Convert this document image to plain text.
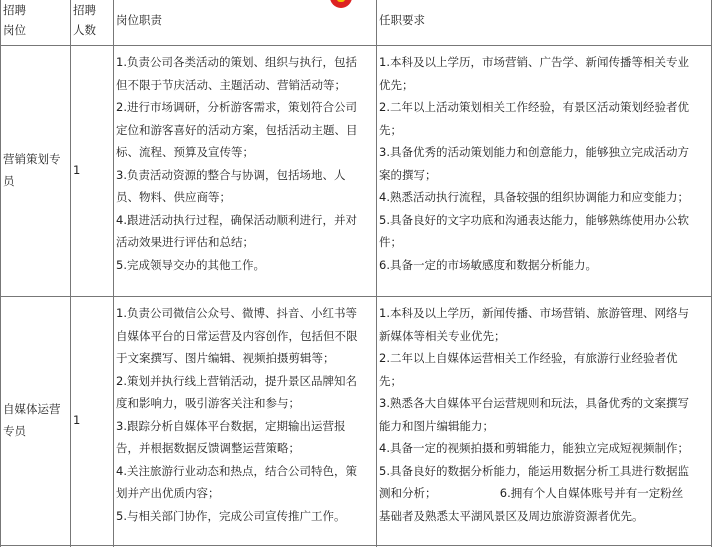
招聘
岗位
招聘
人数
岗位职责	任职要求
营销策划专员
1
1.负责公司各类活动的策划、组织与执行，包括
但不限于节庆活动、主题活动、营销活动等；
2.进行市场调研，分析游客需求，策划符合公司
定位和游客喜好的活动方案，包括活动主题、目
标、流程、预算及宣传等；
3.负责活动资源的整合与协调，包括场地、人
员、物料、供应商等；
4.跟进活动执行过程，确保活动顺利进行，并对
活动效果进行评估和总结；
5.完成领导交办的其他工作。
1.本科及以上学历，市场营销、广告学、新闻传播等相关专业
优先；
2.二年以上活动策划相关工作经验，有景区活动策划经验者优
先；
3.具备优秀的活动策划能力和创意能力，能够独立完成活动方
案的撰写；
4.熟悉活动执行流程，具备较强的组织协调能力和应变能力；
5.具备良好的文字功底和沟通表达能力，能够熟练使用办公软
件；
6.具备一定的市场敏感度和数据分析能力。
自媒体运营专员
1
1.负责公司微信公众号、微博、抖音、小红书等
自媒体平台的日常运营及内容创作，包括但不限
于文案撰写、图片编辑、视频拍摄剪辑等；
2.策划并执行线上营销活动，提升景区品牌知名
度和影响力，吸引游客关注和参与；
3.跟踪分析自媒体平台数据，定期输出运营报
告，并根据数据反馈调整运营策略；
4.关注旅游行业动态和热点，结合公司特色，策
划并产出优质内容；
5.与相关部门协作，完成公司宣传推广工作。
1.本科及以上学历，新闻传播、市场营销、旅游管理、网络与
新媒体等相关专业优先；
2.二年以上自媒体运营相关工作经验，有旅游行业经验者优
先；
3.熟悉各大自媒体平台运营规则和玩法，具备优秀的文案撰写
能力和图片编辑能力；
4.具备一定的视频拍摄和剪辑能力，能独立完成短视频制作；
5.具备良好的数据分析能力，能运用数据分析工具进行数据监
测和分析；　　　　　　6.拥有个人自媒体账号并有一定粉丝
基础者及熟悉太平湖风景区及周边旅游资源者优先。
